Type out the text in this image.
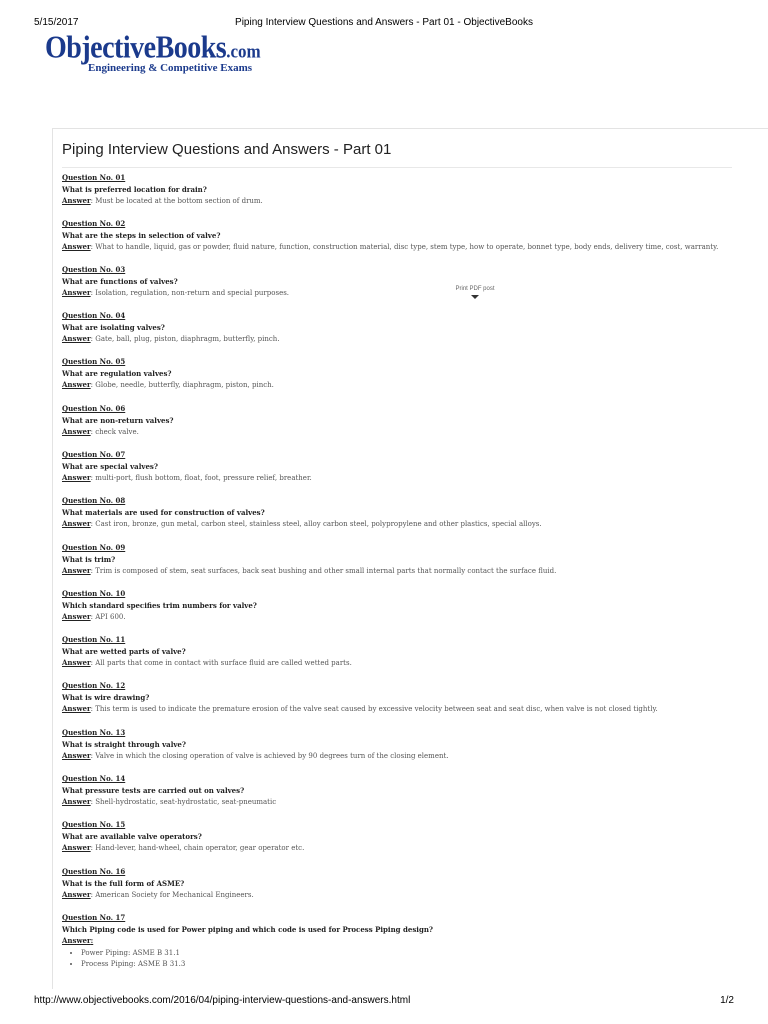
5/15/2017	Piping Interview Questions and Answers - Part 01 - ObjectiveBooks
ObjectiveBooks.com
Engineering & Competitive Exams
Piping Interview Questions and Answers - Part 01
Question No. 01
What is preferred location for drain?
Answer: Must be located at the bottom section of drum.
Question No. 02
What are the steps in selection of valve?
Answer: What to handle, liquid, gas or powder, fluid nature, function, construction material, disc type, stem type, how to operate, bonnet type, body ends, delivery time, cost, warranty.
Question No. 03
What are functions of valves?
Answer: Isolation, regulation, non-return and special purposes.
Question No. 04
What are isolating valves?
Answer: Gate, ball, plug, piston, diaphragm, butterfly, pinch.
Question No. 05
What are regulation valves?
Answer: Globe, needle, butterfly, diaphragm, piston, pinch.
Question No. 06
What are non-return valves?
Answer: check valve.
Question No. 07
What are special valves?
Answer: multi-port, flush bottom, float, foot, pressure relief, breather.
Question No. 08
What materials are used for construction of valves?
Answer: Cast iron, bronze, gun metal, carbon steel, stainless steel, alloy carbon steel, polypropylene and other plastics, special alloys.
Question No. 09
What is trim?
Answer: Trim is composed of stem, seat surfaces, back seat bushing and other small internal parts that normally contact the surface fluid.
Question No. 10
Which standard specifies trim numbers for valve?
Answer: API 600.
Question No. 11
What are wetted parts of valve?
Answer: All parts that come in contact with surface fluid are called wetted parts.
Question No. 12
What is wire drawing?
Answer: This term is used to indicate the premature erosion of the valve seat caused by excessive velocity between seat and seat disc, when valve is not closed tightly.
Question No. 13
What is straight through valve?
Answer: Valve in which the closing operation of valve is achieved by 90 degrees turn of the closing element.
Question No. 14
What pressure tests are carried out on valves?
Answer: Shell-hydrostatic, seat-hydrostatic, seat-pneumatic
Question No. 15
What are available valve operators?
Answer: Hand-lever, hand-wheel, chain operator, gear operator etc.
Question No. 16
What is the full form of ASME?
Answer: American Society for Mechanical Engineers.
Question No. 17
Which Piping code is used for Power piping and which code is used for Process Piping design?
Answer:
• Power Piping: ASME B 31.1
• Process Piping: ASME B 31.3
Print PDF post
http://www.objectivebooks.com/2016/04/piping-interview-questions-and-answers.html	1/2
